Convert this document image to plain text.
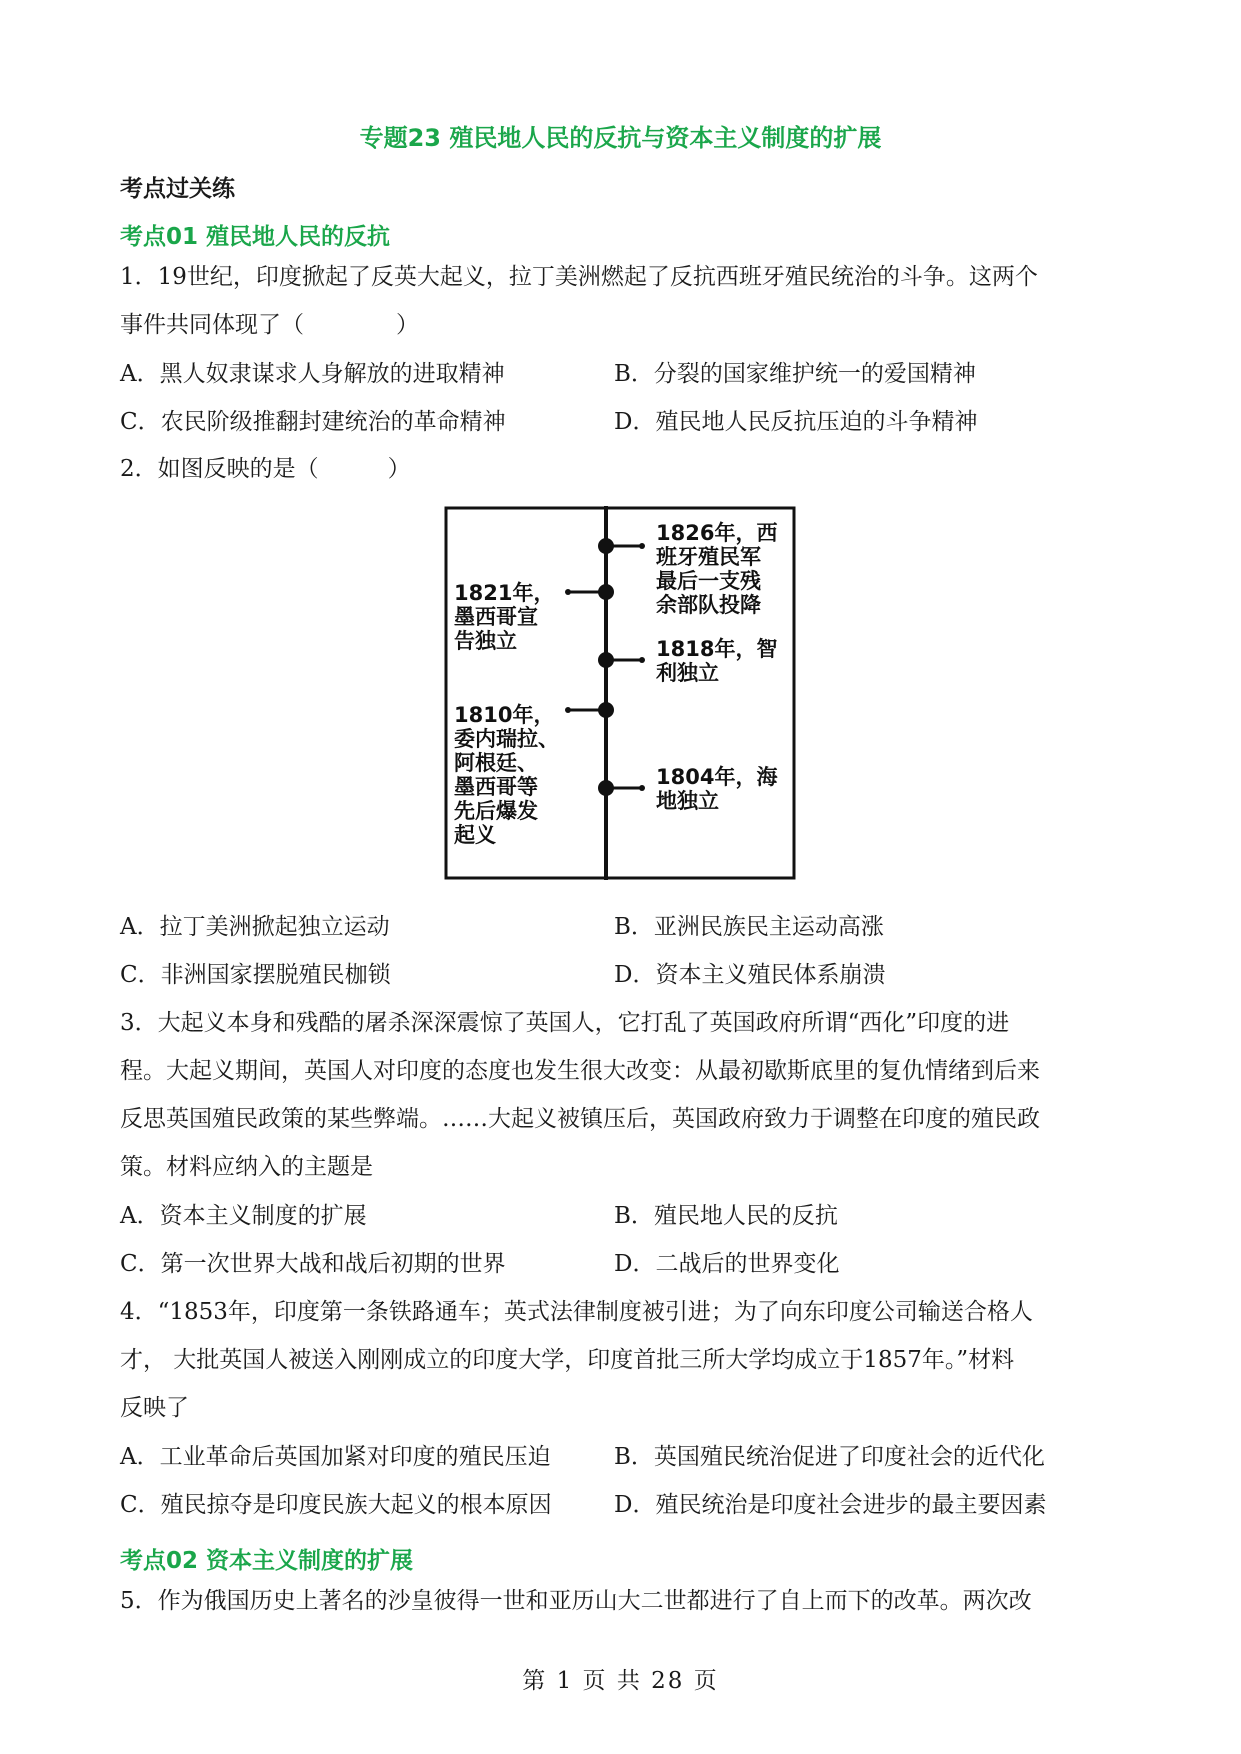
专题23 殖民地人民的反抗与资本主义制度的扩展
考点过关练
考点01 殖民地人民的反抗
1．19世纪，印度掀起了反英大起义，拉丁美洲燃起了反抗西班牙殖民统治的斗争。这两个
事件共同体现了（　　　　）
A．黑人奴隶谋求人身解放的进取精神	B．分裂的国家维护统一的爱国精神
C．农民阶级推翻封建统治的革命精神	D．殖民地人民反抗压迫的斗争精神
2．如图反映的是（　　　）
1826年，西 班牙殖民军 最后一支残 余部队投降
1821年， 墨西哥宣 告独立	1818年，智 利独立
1810年， 委内瑞拉、 阿根廷、 墨西哥等 先后爆发 起义
1804年，海 地独立
A．拉丁美洲掀起独立运动	B．亚洲民族民主运动高涨
C．非洲国家摆脱殖民枷锁	D．资本主义殖民体系崩溃
3．大起义本身和残酷的屠杀深深震惊了英国人，它打乱了英国政府所谓“西化”印度的进
程。大起义期间，英国人对印度的态度也发生很大改变：从最初歇斯底里的复仇情绪到后来
反思英国殖民政策的某些弊端。……大起义被镇压后，英国政府致力于调整在印度的殖民政
策。材料应纳入的主题是
A．资本主义制度的扩展	B．殖民地人民的反抗
C．第一次世界大战和战后初期的世界	D．二战后的世界变化
4．“1853年，印度第一条铁路通车；英式法律制度被引进；为了向东印度公司输送合格人
才， 大批英国人被送入刚刚成立的印度大学，印度首批三所大学均成立于1857年。”材料
反映了
A．工业革命后英国加紧对印度的殖民压迫	B．英国殖民统治促进了印度社会的近代化
C．殖民掠夺是印度民族大起义的根本原因	D．殖民统治是印度社会进步的最主要因素
考点02 资本主义制度的扩展
5．作为俄国历史上著名的沙皇彼得一世和亚历山大二世都进行了自上而下的改革。两次改
第 1 页 共 28 页
